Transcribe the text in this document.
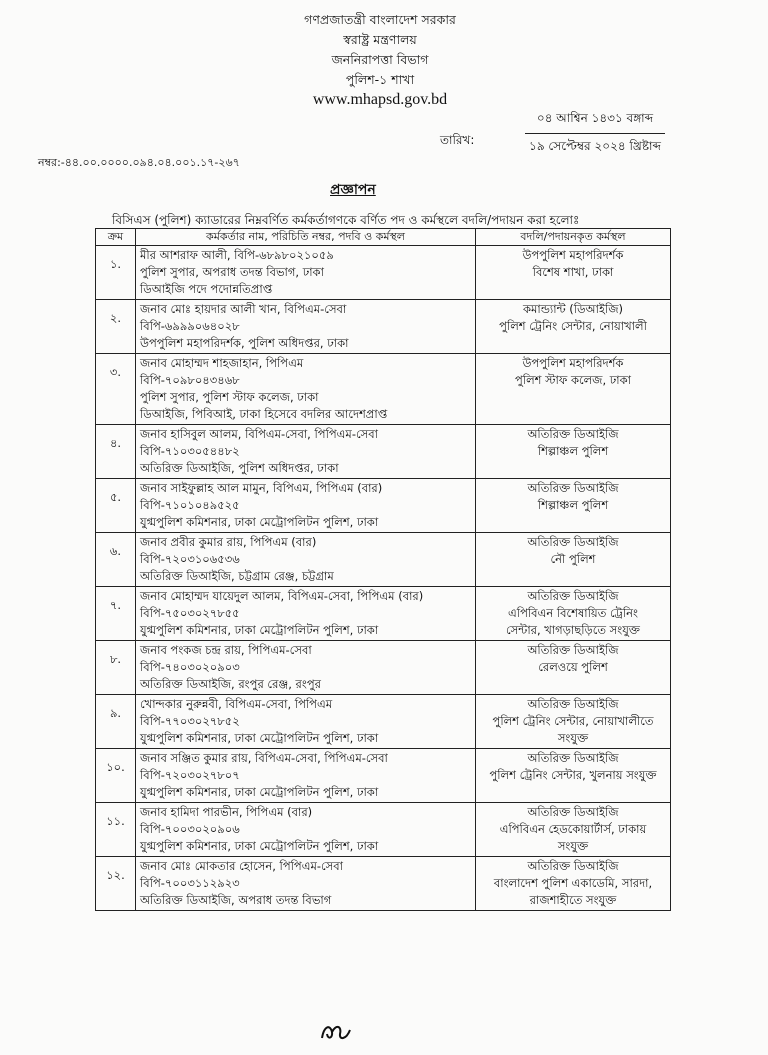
গণপ্রজাতন্ত্রী বাংলাদেশ সরকার
স্বরাষ্ট্র মন্ত্রণালয়
জননিরাপত্তা বিভাগ
পুলিশ-১ শাখা
www.mhapsd.gov.bd
০৪ আশ্বিন ১৪৩১ বঙ্গাব্দ
১৯ সেপ্টেম্বর ২০২৪ খ্রিষ্টাব্দ
তারিখ:
নম্বর:-৪৪.০০.০০০০.০৯৪.০৪.০০১.১৭-২৬৭
প্রজ্ঞাপন
বিসিএস (পুলিশ) ক্যাডারের নিম্নবর্ণিত কর্মকর্তাগণকে বর্ণিত পদ ও কর্মস্থলে বদলি/পদায়ন করা হলোঃ
ক্রম	কর্মকর্তার নাম, পরিচিতি নম্বর, পদবি ও কর্মস্থল	বদলি/পদায়নকৃত কর্মস্থল
১.	মীর আশরাফ আলী, বিপি-৬৮৯৮০২১০৫৯
পুলিশ সুপার, অপরাধ তদন্ত বিভাগ, ঢাকা
ডিআইজি পদে পদোন্নতিপ্রাপ্ত	উপপুলিশ মহাপরিদর্শক
বিশেষ শাখা, ঢাকা

২.	জনাব মোঃ হায়দার আলী খান, বিপিএম-সেবা
বিপি-৬৯৯৯০৬৪০২৮
উপপুলিশ মহাপরিদর্শক, পুলিশ অধিদপ্তর, ঢাকা	কমান্ড্যান্ট (ডিআইজি)
পুলিশ ট্রেনিং সেন্টার, নোয়াখালী

৩.	জনাব মোহাম্মদ শাহজাহান, পিপিএম
বিপি-৭০৯৮০৪৩৪৬৮
পুলিশ সুপার, পুলিশ স্টাফ কলেজ, ঢাকা
ডিআইজি, পিবিআই, ঢাকা হিসেবে বদলির আদেশপ্রাপ্ত	উপপুলিশ মহাপরিদর্শক
পুলিশ স্টাফ কলেজ, ঢাকা

৪.	জনাব হাসিবুল আলম, বিপিএম-সেবা, পিপিএম-সেবা
বিপি-৭১০৩০৫৪৪৮২
অতিরিক্ত ডিআইজি, পুলিশ অধিদপ্তর, ঢাকা	অতিরিক্ত ডিআইজি
শিল্পাঞ্চল পুলিশ

৫.	জনাব সাইফুল্লাহ আল মামুন, বিপিএম, পিপিএম (বার)
বিপি-৭১০১০৪৯৫২৫
যুগ্মপুলিশ কমিশনার, ঢাকা মেট্রোপলিটন পুলিশ, ঢাকা	অতিরিক্ত ডিআইজি
শিল্পাঞ্চল পুলিশ

৬.	জনাব প্রবীর কুমার রায়, পিপিএম (বার)
বিপি-৭২০৩১০৬৫৩৬
অতিরিক্ত ডিআইজি, চট্টগ্রাম রেঞ্জ, চট্টগ্রাম	অতিরিক্ত ডিআইজি
নৌ পুলিশ

৭.	জনাব মোহাম্মদ যায়েদুল আলম, বিপিএম-সেবা, পিপিএম (বার)
বিপি-৭৫০৩০২৭৮৫৫
যুগ্মপুলিশ কমিশনার, ঢাকা মেট্রোপলিটন পুলিশ, ঢাকা	অতিরিক্ত ডিআইজি
এপিবিএন বিশেষায়িত ট্রেনিং
সেন্টার, খাগড়াছড়িতে সংযুক্ত

৮.	জনাব পংকজ চন্দ্র রায়, পিপিএম-সেবা
বিপি-৭৪০৩০২০৯০৩
অতিরিক্ত ডিআইজি, রংপুর রেঞ্জ, রংপুর	অতিরিক্ত ডিআইজি
রেলওয়ে পুলিশ

৯.	খোন্দকার নুরুন্নবী, বিপিএম-সেবা, পিপিএম
বিপি-৭৭০৩০২৭৮৫২
যুগ্মপুলিশ কমিশনার, ঢাকা মেট্রোপলিটন পুলিশ, ঢাকা	অতিরিক্ত ডিআইজি
পুলিশ ট্রেনিং সেন্টার, নোয়াখালীতে
সংযুক্ত

১০.	জনাব সঞ্জিত কুমার রায়, বিপিএম-সেবা, পিপিএম-সেবা
বিপি-৭২০৩০২৭৮০৭
যুগ্মপুলিশ কমিশনার, ঢাকা মেট্রোপলিটন পুলিশ, ঢাকা	অতিরিক্ত ডিআইজি
পুলিশ ট্রেনিং সেন্টার, খুলনায় সংযুক্ত

১১.	জনাব হামিদা পারভীন, পিপিএম (বার)
বিপি-৭০০৩০২০৯০৬
যুগ্মপুলিশ কমিশনার, ঢাকা মেট্রোপলিটন পুলিশ, ঢাকা	অতিরিক্ত ডিআইজি
এপিবিএন হেডকোয়ার্টার্স, ঢাকায়
সংযুক্ত

১২.	জনাব মোঃ মোকতার হোসেন, পিপিএম-সেবা
বিপি-৭০০৩১১২৯২৩
অতিরিক্ত ডিআইজি, অপরাধ তদন্ত বিভাগ	অতিরিক্ত ডিআইজি
বাংলাদেশ পুলিশ একাডেমি, সারদা,
রাজশাহীতে সংযুক্ত
